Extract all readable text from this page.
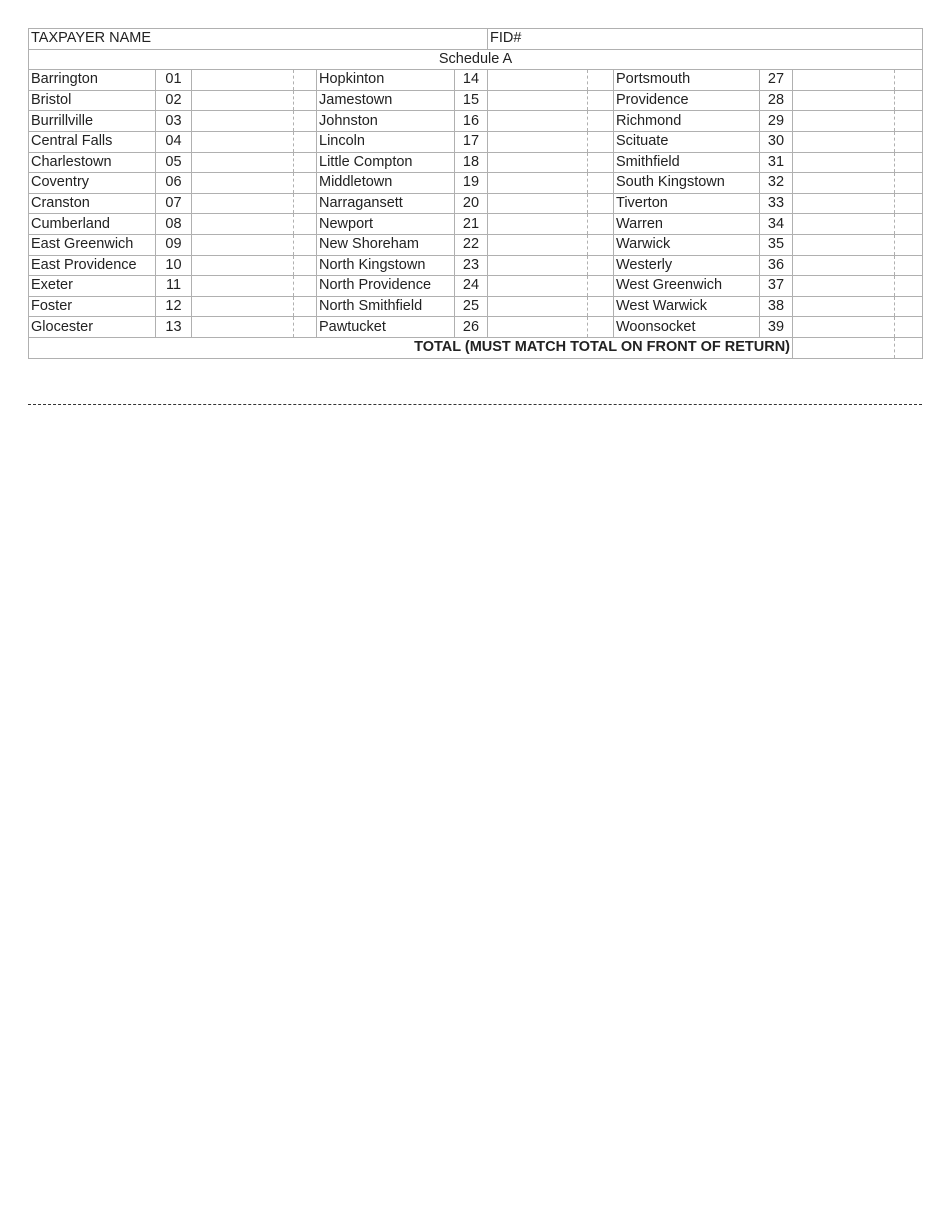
TAXPAYER NAME						FID#					
Schedule A											
Barrington	01			Hopkinton	14			Portsmouth	27		
Bristol	02			Jamestown	15			Providence	28		
Burrillville	03			Johnston	16			Richmond	29		
Central Falls	04			Lincoln	17			Scituate	30		
Charlestown	05			Little Compton	18			Smithfield	31		
Coventry	06			Middletown	19			South Kingstown	32		
Cranston	07			Narragansett	20			Tiverton	33		
Cumberland	08			Newport	21			Warren	34		
East Greenwich	09			New Shoreham	22			Warwick	35		
East Providence	10			North Kingstown	23			Westerly	36		
Exeter	11			North Providence	24			West Greenwich	37		
Foster	12			North Smithfield	25			West Warwick	38		
Glocester	13			Pawtucket	26			Woonsocket	39		
TOTAL (MUST MATCH TOTAL ON FRONT OF RETURN)											
